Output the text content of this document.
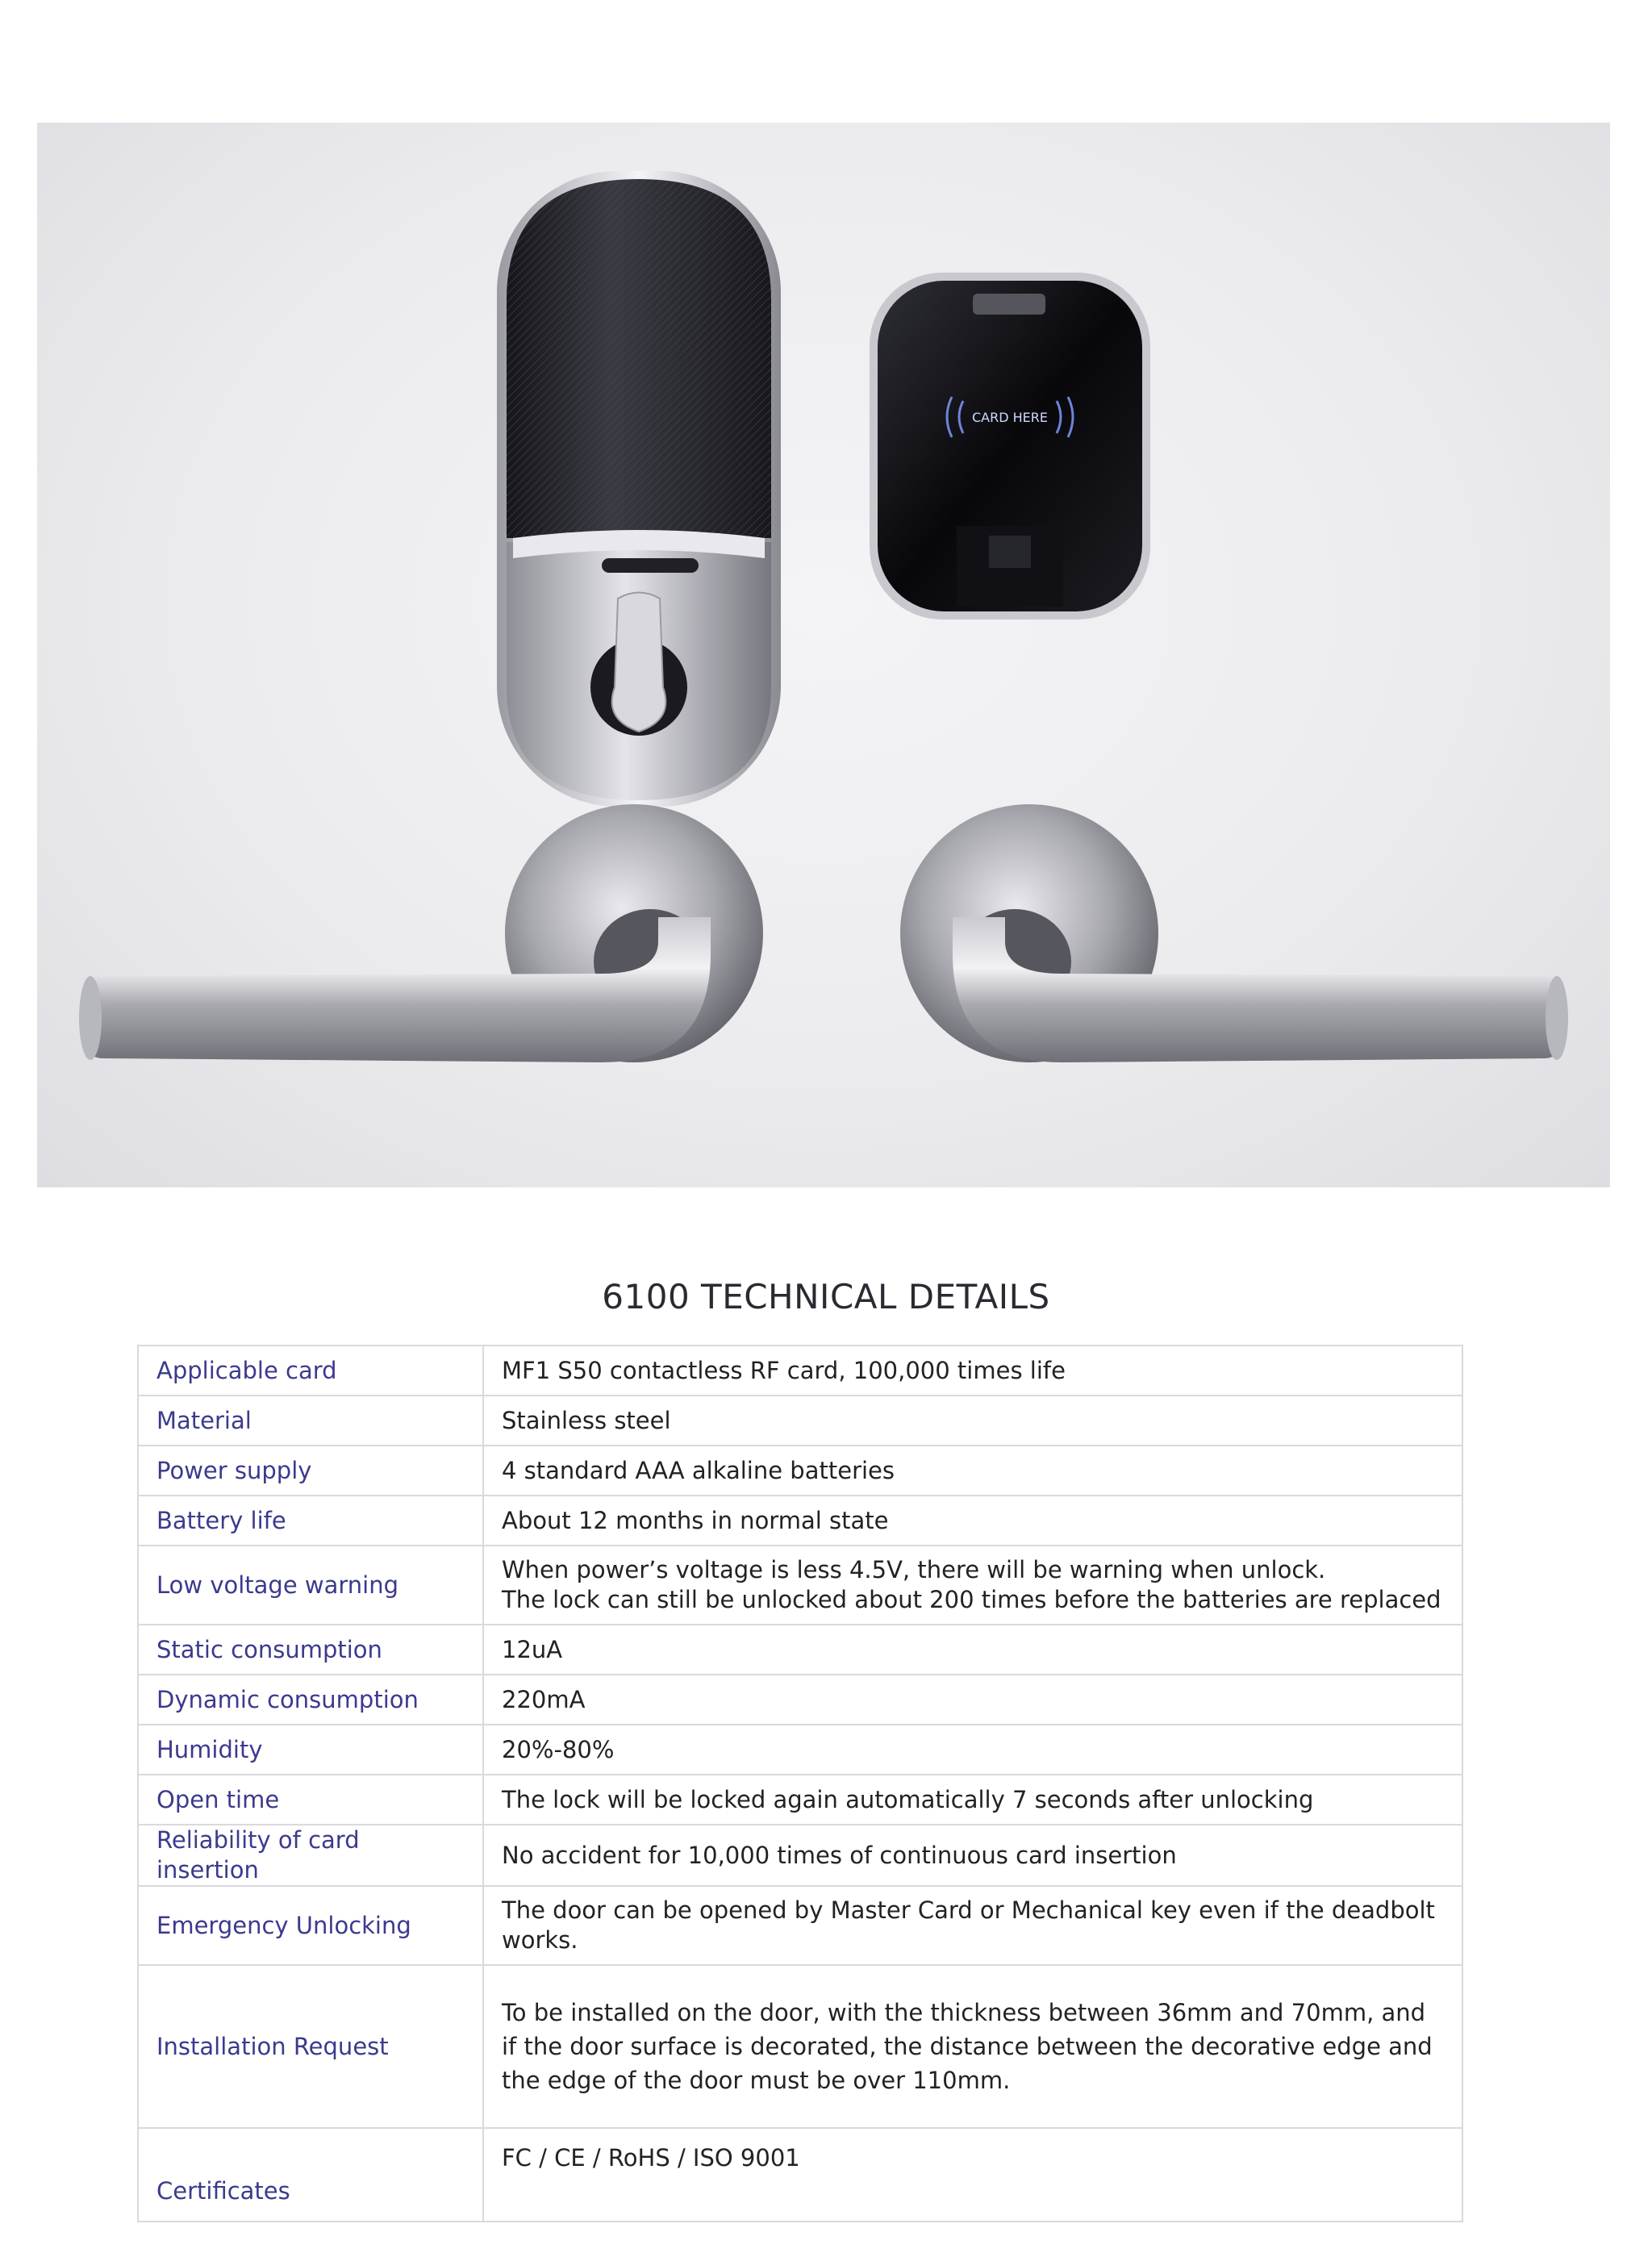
CARD HERE
6100 TECHNICAL DETAILS
Applicable card	MF1 S50 contactless RF card, 100,000 times life
Material	Stainless steel
Power supply	4 standard AAA alkaline batteries
Battery life	About 12 months in normal state
Low voltage warning	When power’s voltage is less 4.5V, there will be warning when unlock.
The lock can still be unlocked about 200 times before the batteries are replaced

Static consumption	12uA
Dynamic consumption	220mA
Humidity	20%-80%
Open time	The lock will be locked again automatically 7 seconds after unlocking
Reliability of card insertion	No accident for 10,000 times of continuous card insertion
Emergency Unlocking	The door can be opened by Master Card or Mechanical key even if the deadbolt works.
Installation Request	To be installed on the door, with the thickness between 36mm and 70mm, and if the door surface is decorated, the distance between the decorative edge and the edge of the door must be over 110mm.
Certificates	FC / CE / RoHS / ISO 9001
